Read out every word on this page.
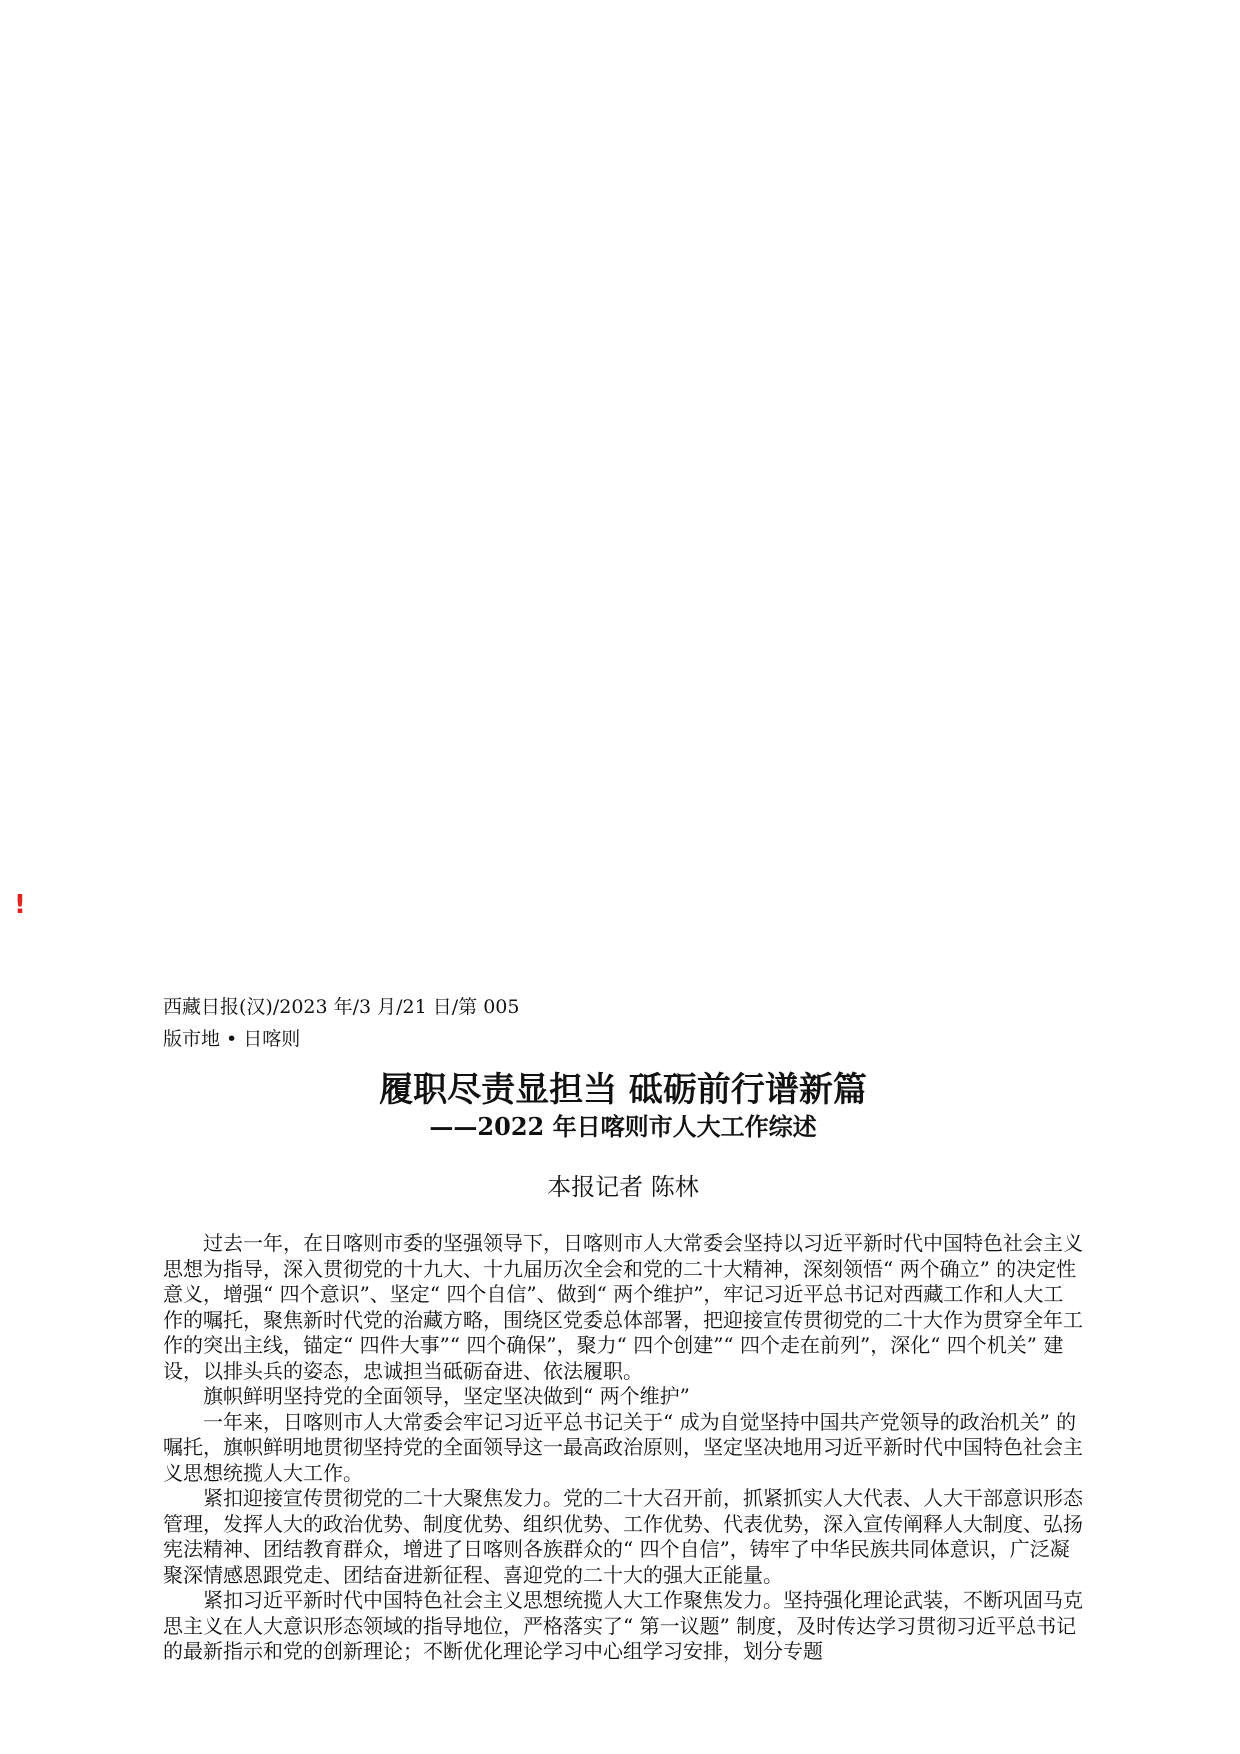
!
西藏日报(汉)/2023 年/3 月/21 日/第 005
版市地 • 日喀则
履职尽责显担当 砥砺前行谱新篇
——2022 年日喀则市人大工作综述
本报记者 陈林

过去一年，在日喀则市委的坚强领导下，日喀则市人大常委会坚持以习近平新时代中国特色社会主义思想为指导，深入贯彻党的十九大、十九届历次全会和党的二十大精神，深刻领悟“ 两个确立” 的决定性意义，增强“ 四个意识”、坚定“ 四个自信”、做到“ 两个维护”，牢记习近平总书记对西藏工作和人大工作的嘱托，聚焦新时代党的治藏方略，围绕区党委总体部署，把迎接宣传贯彻党的二十大作为贯穿全年工作的突出主线，锚定“ 四件大事”“ 四个确保”，聚力“ 四个创建”“ 四个走在前列”，深化“ 四个机关” 建设，以排头兵的姿态，忠诚担当砥砺奋进、依法履职。

旗帜鲜明坚持党的全面领导，坚定坚决做到“ 两个维护”

一年来，日喀则市人大常委会牢记习近平总书记关于“ 成为自觉坚持中国共产党领导的政治机关” 的嘱托，旗帜鲜明地贯彻坚持党的全面领导这一最高政治原则，坚定坚决地用习近平新时代中国特色社会主义思想统揽人大工作。

紧扣迎接宣传贯彻党的二十大聚焦发力。党的二十大召开前，抓紧抓实人大代表、人大干部意识形态管理，发挥人大的政治优势、制度优势、组织优势、工作优势、代表优势，深入宣传阐释人大制度、弘扬宪法精神、团结教育群众，增进了日喀则各族群众的“ 四个自信”，铸牢了中华民族共同体意识，广泛凝聚深情感恩跟党走、团结奋进新征程、喜迎党的二十大的强大正能量。

紧扣习近平新时代中国特色社会主义思想统揽人大工作聚焦发力。坚持强化理论武装，不断巩固马克思主义在人大意识形态领域的指导地位，严格落实了“ 第一议题” 制度，及时传达学习贯彻习近平总书记的最新指示和党的创新理论；不断优化理论学习中心组学习安排，划分专题
